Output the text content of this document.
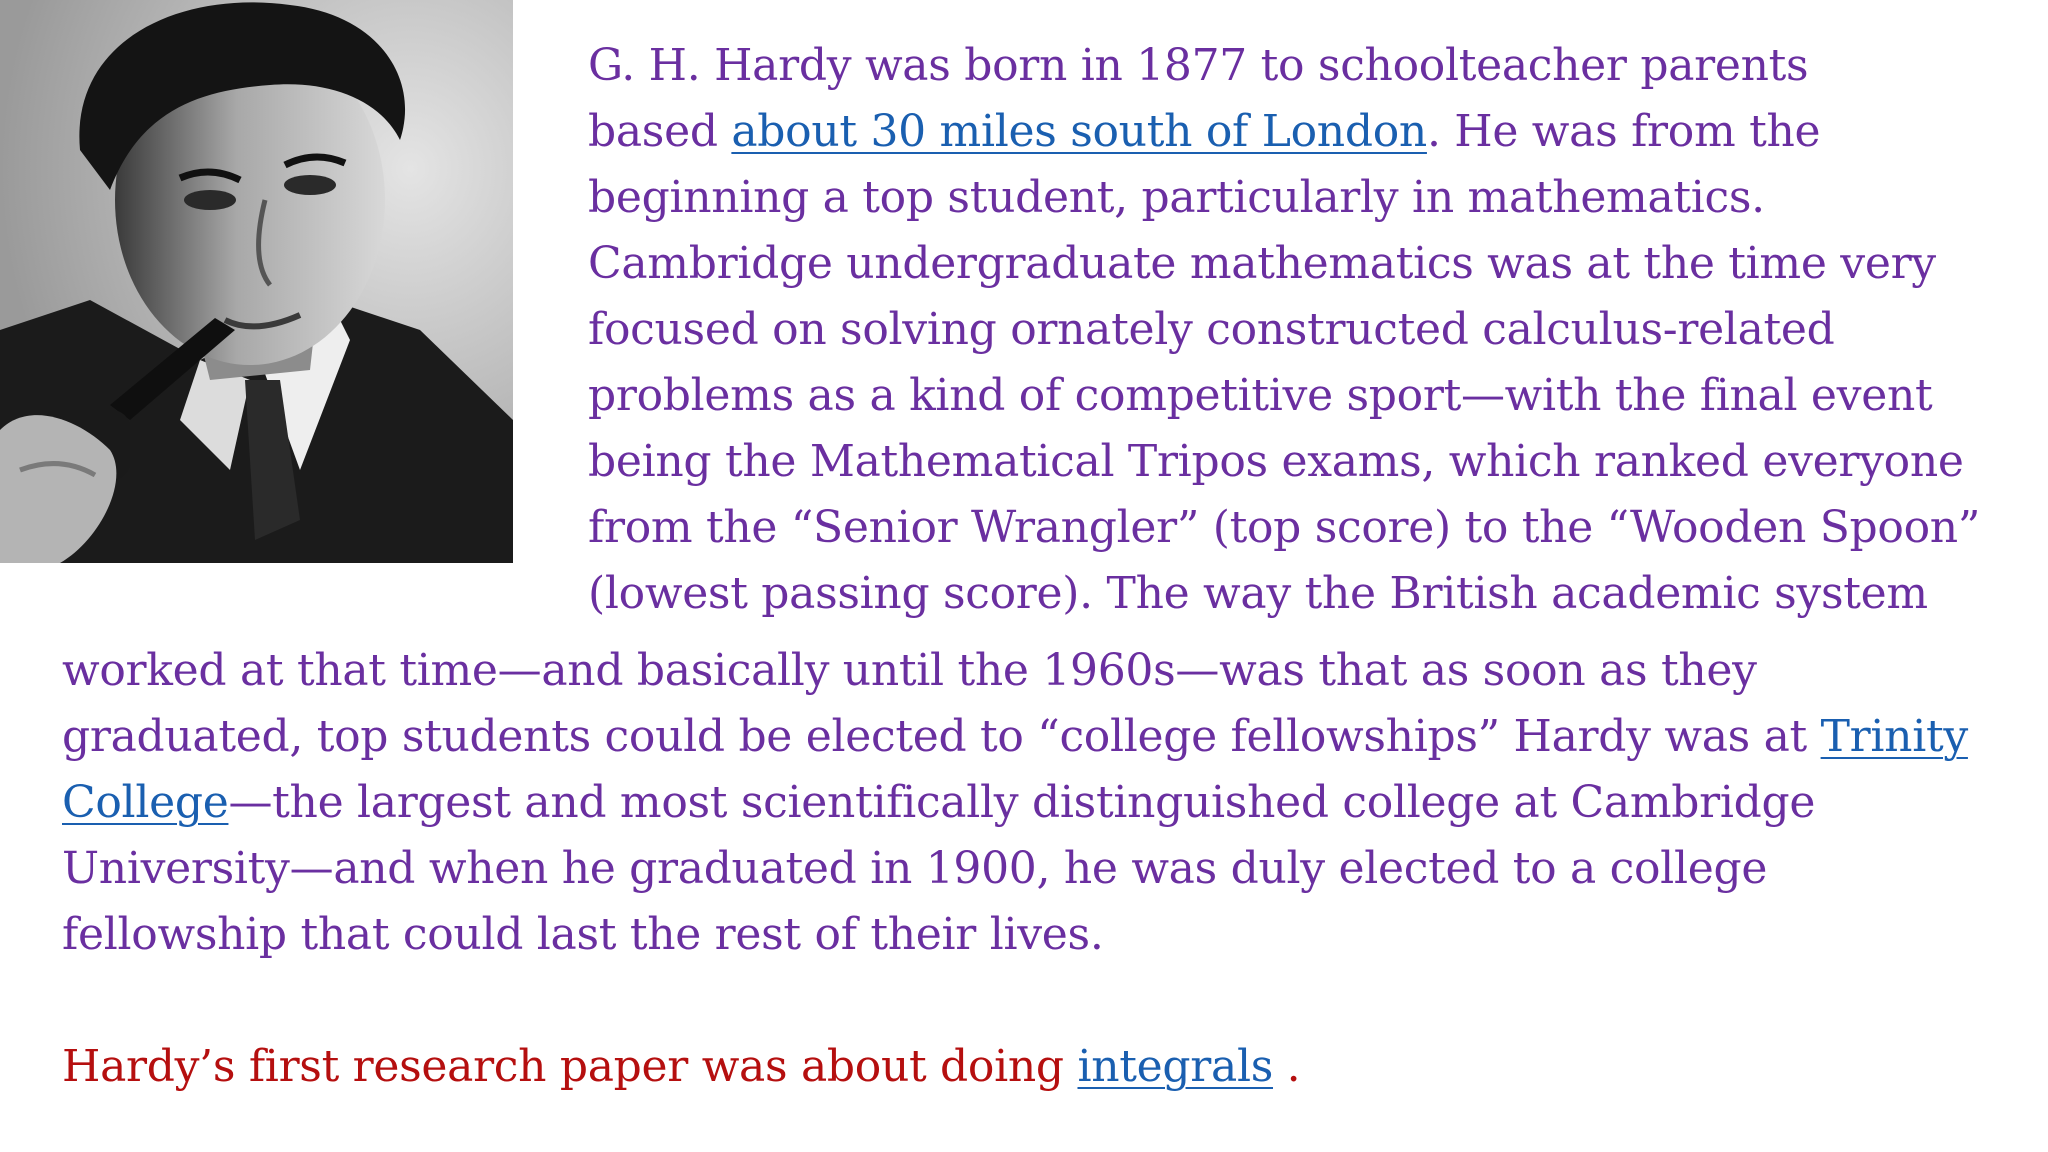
G. H. Hardy was born in 1877 to schoolteacher parents
based about 30 miles south of London. He was from the
beginning a top student, particularly in mathematics.
Cambridge undergraduate mathematics was at the time very
focused on solving ornately constructed calculus-related
problems as a kind of competitive sport—with the final event
being the Mathematical Tripos exams, which ranked everyone
from the “Senior Wrangler” (top score) to the “Wooden Spoon”
(lowest passing score). The way the British academic system

worked at that time—and basically until the 1960s—was that as soon as they
graduated, top students could be elected to “college fellowships” Hardy was at Trinity
College—the largest and most scientifically distinguished college at Cambridge
University—and when he graduated in 1900, he was duly elected to a college
fellowship that could last the rest of their lives.

Hardy’s first research paper was about doing integrals .
